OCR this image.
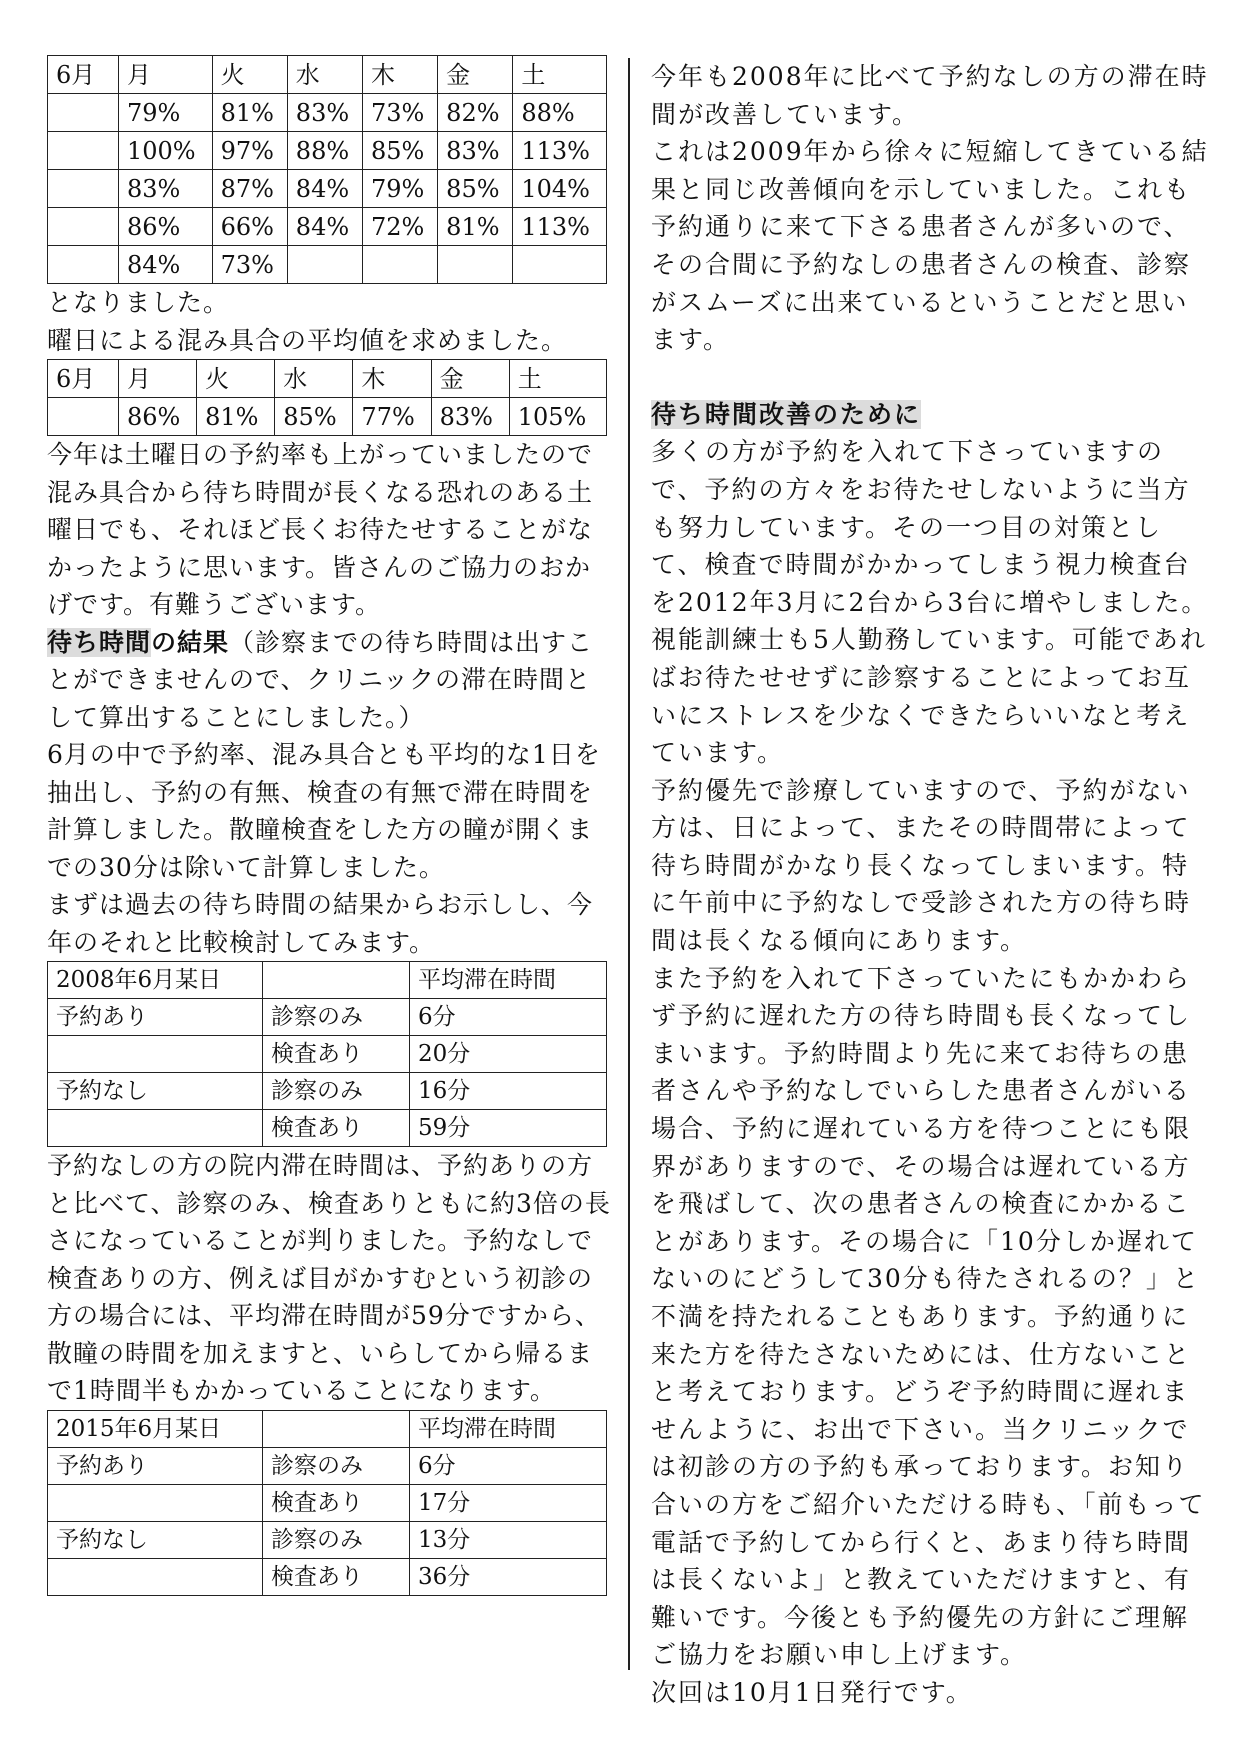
6月	月	火	水	木	金	土
	79%	81%	83%	73%	82%	88%
	100%	97%	88%	85%	83%	113%
	83%	87%	84%	79%	85%	104%
	86%	66%	84%	72%	81%	113%
	84%	73%				

となりました。

曜日による混み具合の平均値を求めました。

6月	月	火	水	木	金	土
	86%	81%	85%	77%	83%	105%

今年は土曜日の予約率も上がっていましたので混み具合から待ち時間が長くなる恐れのある土曜日でも、それほど長くお待たせすることがなかったように思います。皆さんのご協力のおかげです。有難うございます。

待ち時間の結果（診察までの待ち時間は出すことができませんので、クリニックの滞在時間として算出することにしました。）

6月の中で予約率、混み具合とも平均的な1日を抽出し、予約の有無、検査の有無で滞在時間を計算しました。散瞳検査をした方の瞳が開くまでの30分は除いて計算しました。

まずは過去の待ち時間の結果からお示しし、今年のそれと比較検討してみます。

2008年6月某日		平均滞在時間
予約あり	診察のみ	6分
	検査あり	20分
予約なし	診察のみ	16分
	検査あり	59分

予約なしの方の院内滞在時間は、予約ありの方と比べて、診察のみ、検査ありともに約3倍の長さになっていることが判りました。予約なしで検査ありの方、例えば目がかすむという初診の方の場合には、平均滞在時間が59分ですから、散瞳の時間を加えますと、いらしてから帰るまで1時間半もかかっていることになります。

2015年6月某日		平均滞在時間
予約あり	診察のみ	6分
	検査あり	17分
予約なし	診察のみ	13分
	検査あり	36分

今年も2008年に比べて予約なしの方の滞在時間が改善しています。

これは2009年から徐々に短縮してきている結果と同じ改善傾向を示していました。これも予約通りに来て下さる患者さんが多いので、その合間に予約なしの患者さんの検査、診察がスムーズに出来ているということだと思います。

待ち時間改善のために

多くの方が予約を入れて下さっていますので、予約の方々をお待たせしないように当方も努力しています。その一つ目の対策として、検査で時間がかかってしまう視力検査台を2012年3月に2台から3台に増やしました。視能訓練士も5人勤務しています。可能であればお待たせせずに診察することによってお互いにストレスを少なくできたらいいなと考えています。

予約優先で診療していますので、予約がない方は、日によって、またその時間帯によって待ち時間がかなり長くなってしまいます。特に午前中に予約なしで受診された方の待ち時間は長くなる傾向にあります。

また予約を入れて下さっていたにもかかわらず予約に遅れた方の待ち時間も長くなってしまいます。予約時間より先に来てお待ちの患者さんや予約なしでいらした患者さんがいる場合、予約に遅れている方を待つことにも限界がありますので、その場合は遅れている方を飛ばして、次の患者さんの検査にかかることがあります。その場合に「10分しか遅れてないのにどうして30分も待たされるの？」と不満を持たれることもあります。予約通りに来た方を待たさないためには、仕方ないことと考えております。どうぞ予約時間に遅れませんように、お出で下さい。当クリニックでは初診の方の予約も承っております。お知り合いの方をご紹介いただける時も、「前もって電話で予約してから行くと、あまり待ち時間は長くないよ」と教えていただけますと、有難いです。今後とも予約優先の方針にご理解ご協力をお願い申し上げます。

次回は10月1日発行です。
